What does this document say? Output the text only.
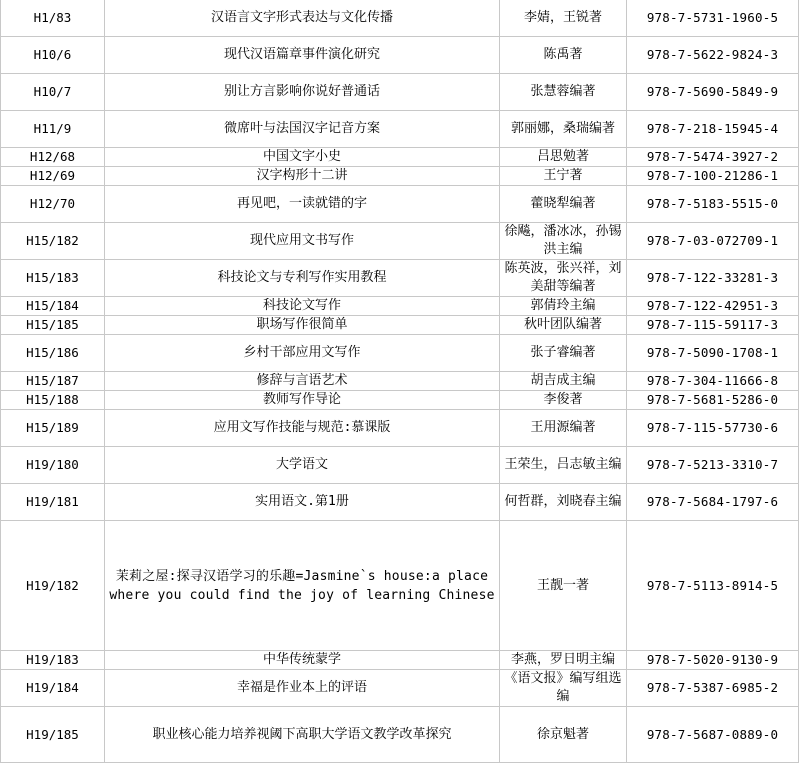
H1/83	汉语言文字形式表达与文化传播	李婧，王锐著	978-7-5731-1960-5
H10/6	现代汉语篇章事件演化研究	陈禹著	978-7-5622-9824-3
H10/7	别让方言影响你说好普通话	张慧蓉编著	978-7-5690-5849-9
H11/9	微席叶与法国汉字记音方案	郭丽娜，桑瑞编著	978-7-218-15945-4
H12/68	中国文字小史	吕思勉著	978-7-5474-3927-2
H12/69	汉字构形十二讲	王宁著	978-7-100-21286-1
H12/70	再见吧，一读就错的字	藿晓犁编著	978-7-5183-5515-0
H15/182	现代应用文书写作	徐飚，潘冰冰，孙锡洪主编	978-7-03-072709-1
H15/183	科技论文与专利写作实用教程	陈英波，张兴祥，刘美甜等编著	978-7-122-33281-3
H15/184	科技论文写作	郭倩玲主编	978-7-122-42951-3
H15/185	职场写作很简单	秋叶团队编著	978-7-115-59117-3
H15/186	乡村干部应用文写作	张子睿编著	978-7-5090-1708-1
H15/187	修辞与言语艺术	胡吉成主编	978-7-304-11666-8
H15/188	教师写作导论	李俊著	978-7-5681-5286-0
H15/189	应用文写作技能与规范:慕课版	王用源编著	978-7-115-57730-6
H19/180	大学语文	王荣生，吕志敏主编	978-7-5213-3310-7
H19/181	实用语文.第1册	何哲群，刘晓春主编	978-7-5684-1797-6
H19/182	茉莉之屋:探寻汉语学习的乐趣=Jasmine`s house:a place where you could find the joy of learning Chinese	王靓一著	978-7-5113-8914-5
H19/183	中华传统蒙学	李燕，罗日明主编	978-7-5020-9130-9
H19/184	幸福是作业本上的评语	《语文报》编写组选编	978-7-5387-6985-2
H19/185	职业核心能力培养视阈下高职大学语文教学改革探究	徐京魁著	978-7-5687-0889-0
